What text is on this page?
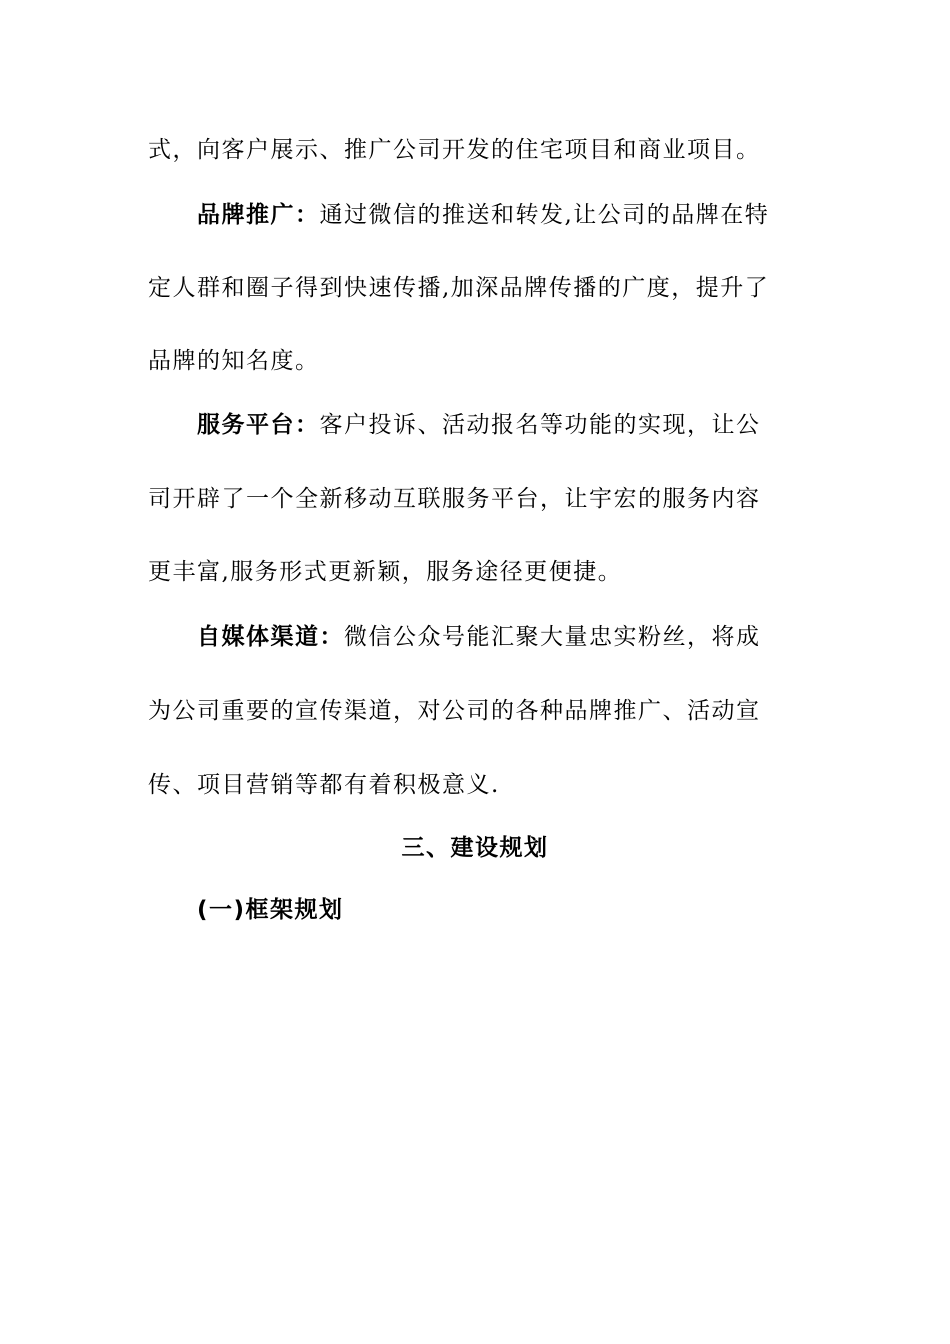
式，向客户展示、推广公司开发的住宅项目和商业项目。
品牌推广：通过微信的推送和转发,让公司的品牌在特
定人群和圈子得到快速传播,加深品牌传播的广度，提升了
品牌的知名度。
服务平台：客户投诉、活动报名等功能的实现，让公
司开辟了一个全新移动互联服务平台，让宇宏的服务内容
更丰富,服务形式更新颖，服务途径更便捷。
自媒体渠道：微信公众号能汇聚大量忠实粉丝，将成
为公司重要的宣传渠道，对公司的各种品牌推广、活动宣
传、项目营销等都有着积极意义.
三、建设规划
(一)框架规划
